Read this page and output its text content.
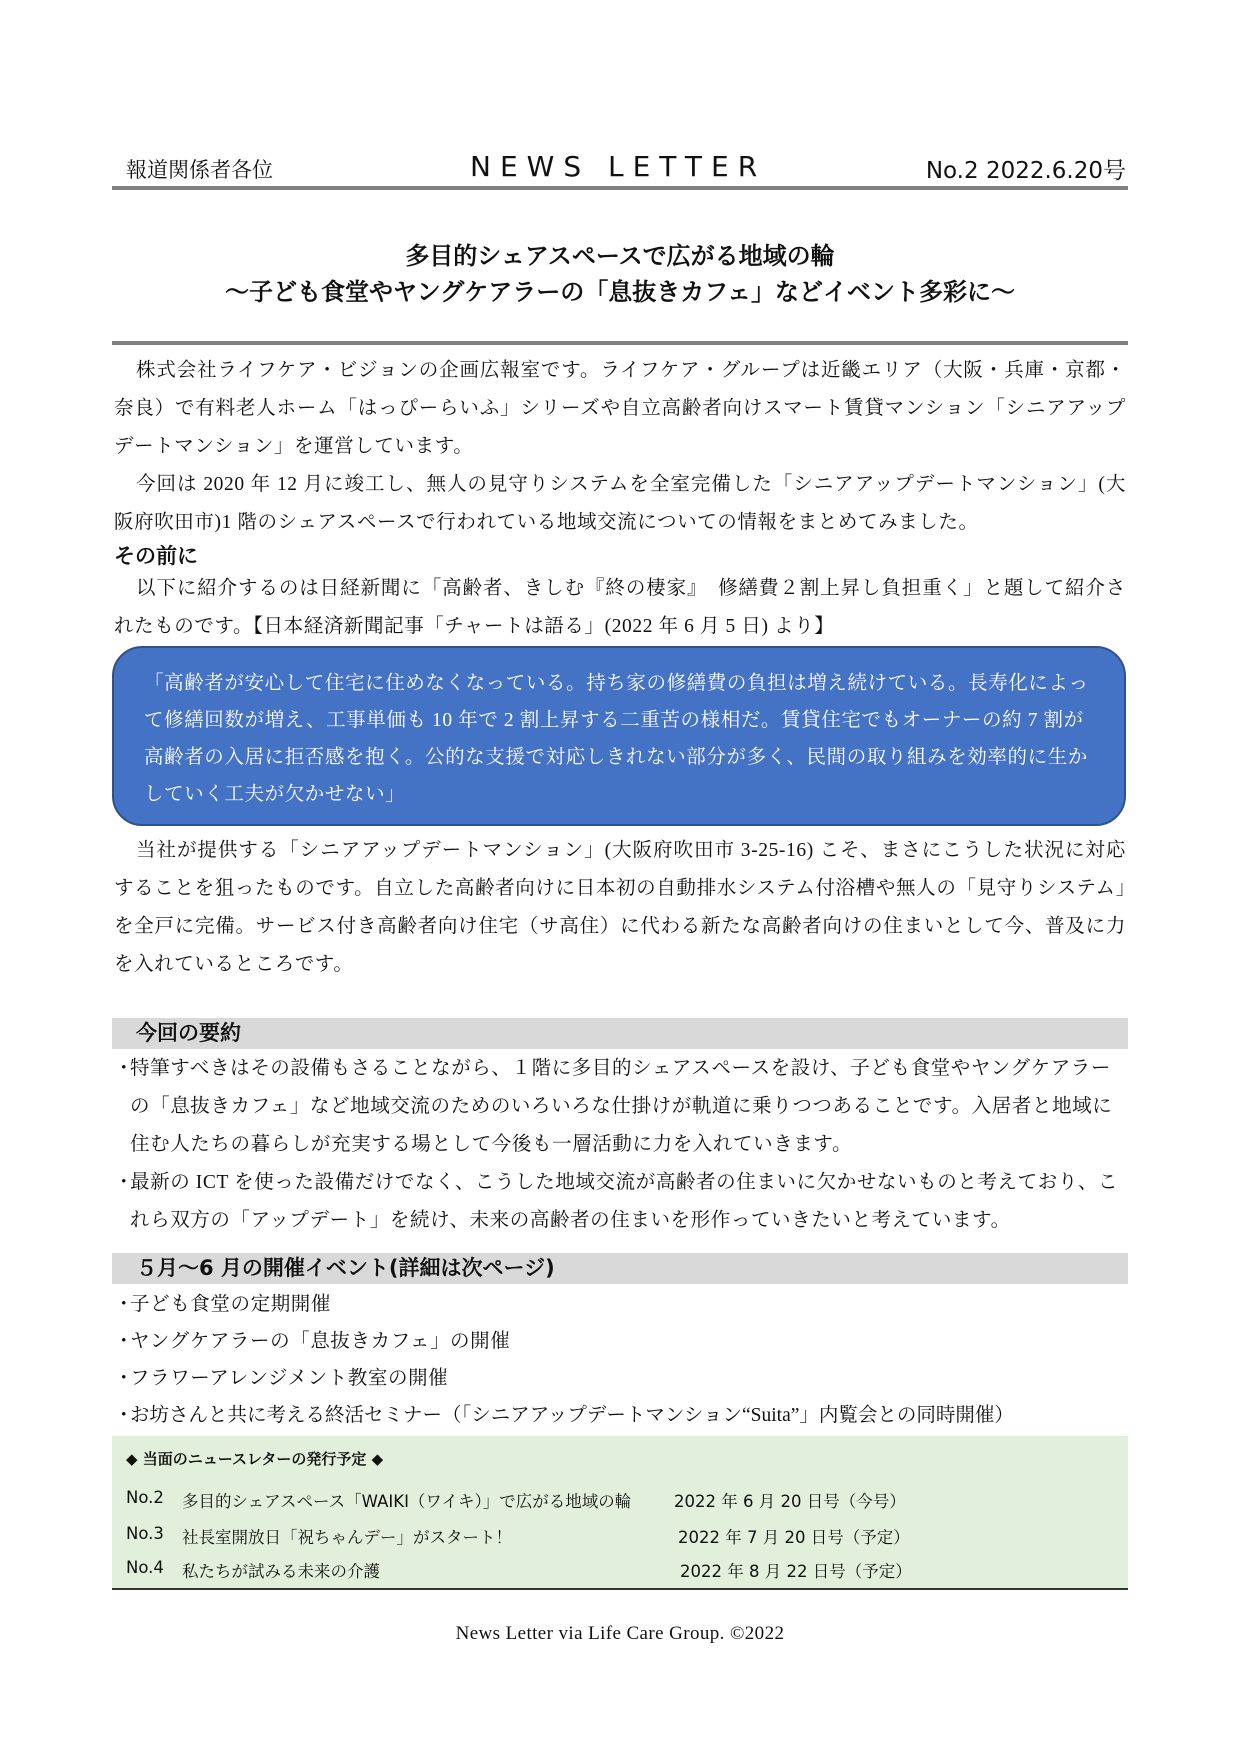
報道関係者各位	NEWS LETTER	No.2 2022.6.20号
多目的シェアスペースで広がる地域の輪
～子ども食堂やヤングケアラーの「息抜きカフェ」などイベント多彩に～
株式会社ライフケア・ビジョンの企画広報室です。ライフケア・グループは近畿エリア（大阪・兵庫・京都・奈良）で有料老人ホーム「はっぴーらいふ」シリーズや自立高齢者向けスマート賃貸マンション「シニアアップデートマンション」を運営しています。
今回は 2020 年 12 月に竣工し、無人の見守りシステムを全室完備した「シニアアップデートマンション」(大阪府吹田市)1 階のシェアスペースで行われている地域交流についての情報をまとめてみました。
その前に
以下に紹介するのは日経新聞に「高齢者、きしむ『終の棲家』　修繕費２割上昇し負担重く」と題して紹介されたものです。【日本経済新聞記事「チャートは語る」(2022 年 6 月 5 日) より】
「高齢者が安心して住宅に住めなくなっている。持ち家の修繕費の負担は増え続けている。長寿化によって修繕回数が増え、工事単価も 10 年で 2 割上昇する二重苦の様相だ。賃貸住宅でもオーナーの約 7 割が高齢者の入居に拒否感を抱く。公的な支援で対応しきれない部分が多く、民間の取り組みを効率的に生かしていく工夫が欠かせない」
当社が提供する「シニアアップデートマンション」(大阪府吹田市 3-25-16) こそ、まさにこうした状況に対応することを狙ったものです。自立した高齢者向けに日本初の自動排水システム付浴槽や無人の「見守りシステム」を全戸に完備。サービス付き高齢者向け住宅（サ高住）に代わる新たな高齢者向けの住まいとして今、普及に力を入れているところです。
今回の要約
・特筆すべきはその設備もさることながら、１階に多目的シェアスペースを設け、子ども食堂やヤングケアラーの「息抜きカフェ」など地域交流のためのいろいろな仕掛けが軌道に乗りつつあることです。入居者と地域に住む人たちの暮らしが充実する場として今後も一層活動に力を入れていきます。
・最新の ICT を使った設備だけでなく、こうした地域交流が高齢者の住まいに欠かせないものと考えており、これら双方の「アップデート」を続け、未来の高齢者の住まいを形作っていきたいと考えています。
５月～6 月の開催イベント(詳細は次ページ)
・子ども食堂の定期開催
・ヤングケアラーの「息抜きカフェ」の開催
・フラワーアレンジメント教室の開催
・お坊さんと共に考える終活セミナー（「シニアアップデートマンション“Suita”」内覧会との同時開催）
◆ 当面のニュースレターの発行予定 ◆
No.2 多目的シェアスペース「WAIKI（ワイキ）」で広がる地域の輪	2022 年 6 月 20 日号（今号）
No.3 社長室開放日「祝ちゃんデー」がスタート！	2022 年 7 月 20 日号（予定）
No.4 私たちが試みる未来の介護	2022 年 8 月 22 日号（予定）
News Letter via Life Care Group. ©2022
